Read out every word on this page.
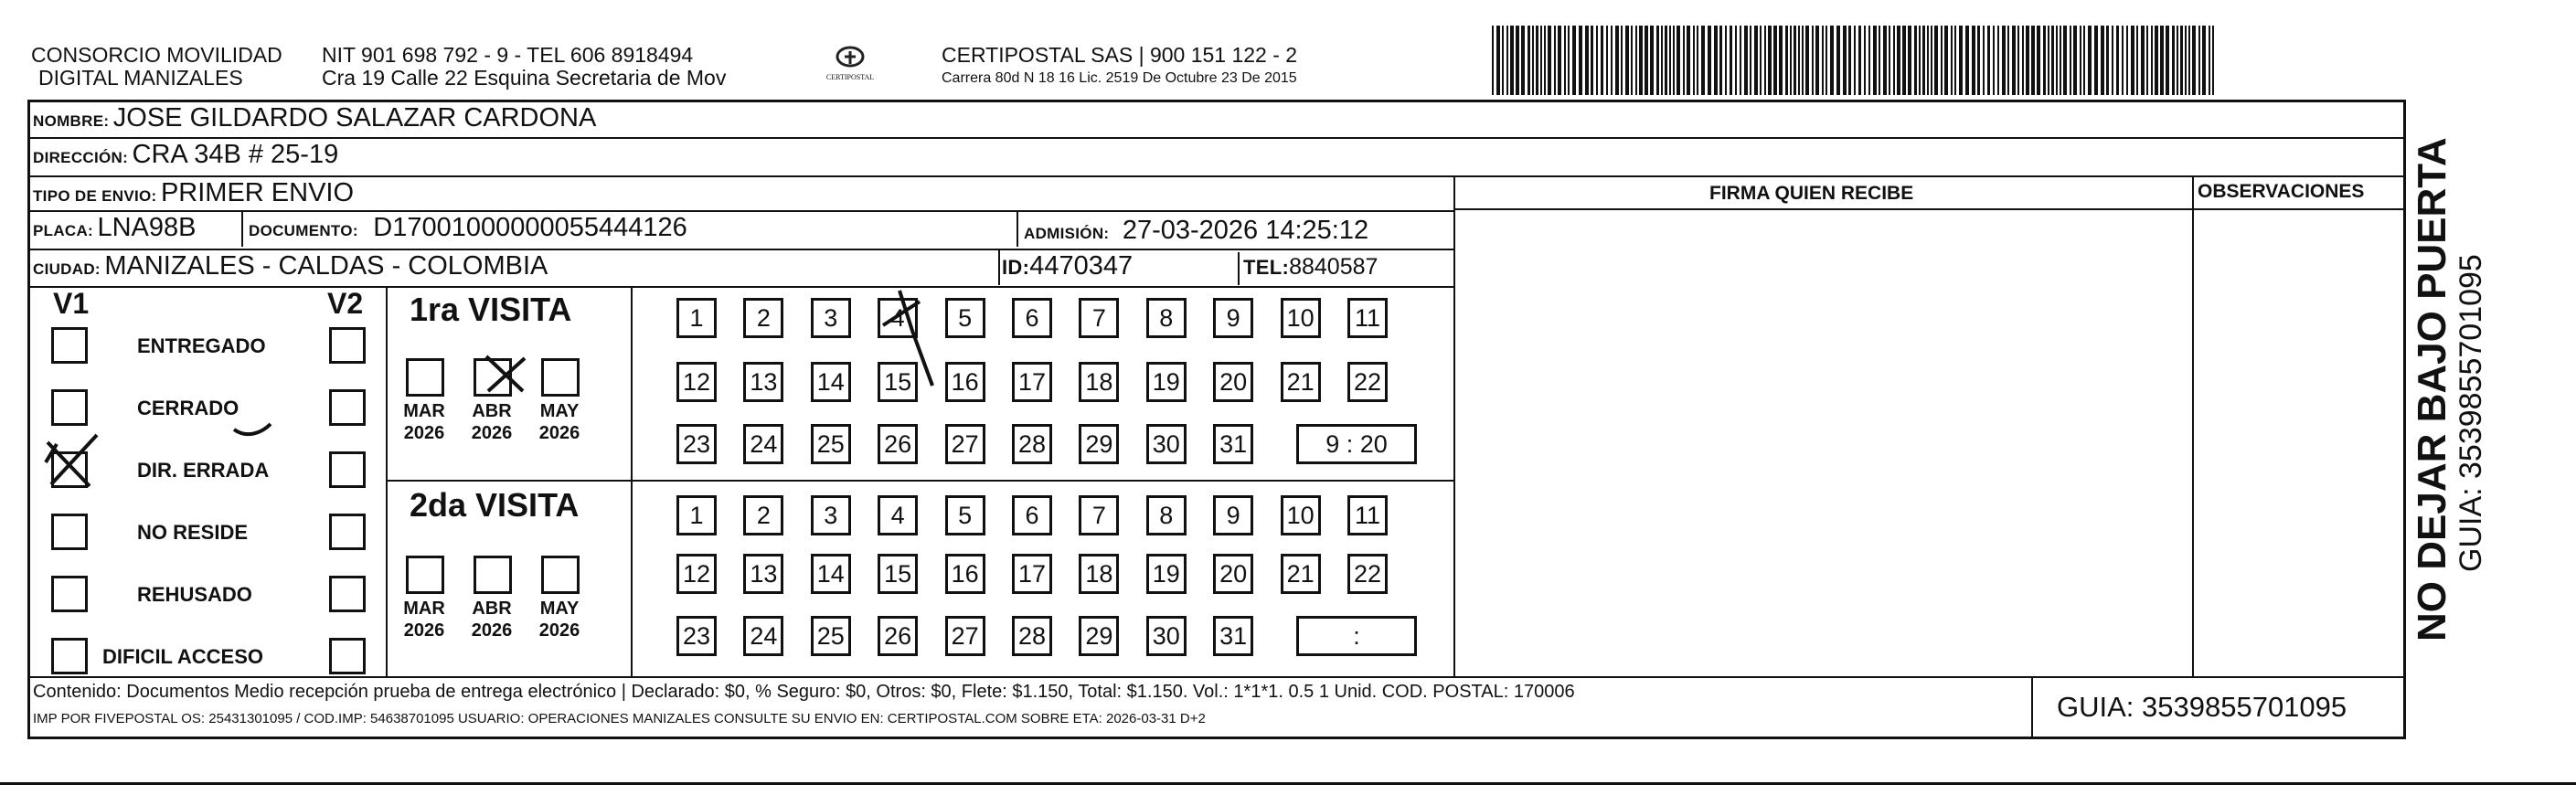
CONSORCIO MOVILIDAD
DIGITAL MANIZALES
NIT 901 698 792 - 9 - TEL 606 8918494
Cra 19 Calle 22 Esquina Secretaria de Mov	CERTIPOSTAL
CERTIPOSTAL SAS | 900 151 122 - 2
Carrera 80d N 18 16 Lic. 2519 De Octubre 23 De 2015
NOMBRE: JOSE GILDARDO SALAZAR CARDONA
DIRECCIÓN: CRA 34B # 25-19
TIPO DE ENVIO: PRIMER ENVIO	FIRMA QUIEN RECIBE	OBSERVACIONES
PLACA: LNA98B	DOCUMENTO: D17001000000055444126	ADMISIÓN: 27-03-2026 14:25:12
CIUDAD: MANIZALES - CALDAS - COLOMBIA	ID:4470347	TEL:8840587
V1	V2
ENTREGADO
CERRADO
DIR. ERRADA
NO RESIDE
REHUSADO
DIFICIL ACCESO
1ra VISITA
2da VISITA
MAR
2026
ABR
2026
MAY
2026
MAR
2026
ABR
2026
MAY
2026
1	2	3	4	5	6	7	8	9	10 11
12 13 14 15 16 17 18 19 20 21 22
23 24 25 26 27 28 29 30 31	9 : 20
1	2	3	4	5	6	7	8	9	10 11
12 13 14 15 16 17 18 19 20 21 22
23 24 25 26 27 28 29 30 31	:
Contenido: Documentos Medio recepción prueba de entrega electrónico | Declarado: $0, % Seguro: $0, Otros: $0, Flete: $1.150, Total: $1.150. Vol.: 1*1*1. 0.5 1 Unid. COD. POSTAL: 170006
IMP POR FIVEPOSTAL OS: 25431301095 / COD.IMP: 54638701095 USUARIO: OPERACIONES MANIZALES CONSULTE SU ENVIO EN: CERTIPOSTAL.COM SOBRE ETA: 2026-03-31 D+2	GUIA: 3539855701095
NO DEJAR BAJO PUERTA GUIA: 3539855701095
